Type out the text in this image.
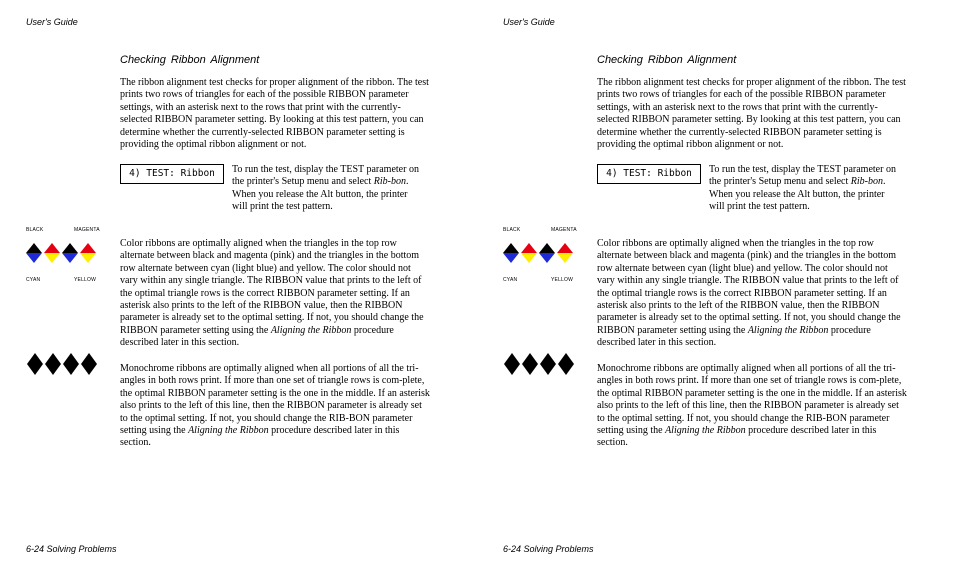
User's Guide
Checking Ribbon Alignment

The ribbon alignment test checks for proper alignment of the ribbon. The test prints two rows of triangles for each of the possible RIBBON parameter settings, with an asterisk next to the rows that print with the currently-selected RIBBON parameter setting. By looking at this test pattern, you can determine whether the currently-selected RIBBON parameter setting is providing the optimal ribbon alignment or not.

4) TEST: Ribbon	To run the test, display the TEST parameter on the printer's Setup menu and select Rib-bon.
When you release the Alt button, the printer will print the test pattern.

BLACK	MAGENTA
CYAN	YELLOW

Color ribbons are optimally aligned when the triangles in the top row alternate between black and magenta (pink) and the triangles in the bottom row alternate between cyan (light blue) and yellow. The color should not vary within any single triangle. The RIBBON value that prints to the left of the optimal triangle rows is the correct RIBBON parameter setting. If an asterisk also prints to the left of the RIBBON value, then the RIBBON parameter is already set to the optimal setting. If not, you should change the RIBBON parameter setting using the Aligning the Ribbon procedure described later in this section.

Monochrome ribbons are optimally aligned when all portions of all the tri-angles in both rows print. If more than one set of triangle rows is com-plete, the optimal RIBBON parameter setting is the one in the middle. If an asterisk also prints to the left of this line, then the RIBBON parameter is already set to the optimal setting. If not, you should change the RIB-BON parameter setting using the Aligning the Ribbon procedure described later in this section.

6-24 Solving Problems
User's Guide
Checking Ribbon Alignment

The ribbon alignment test checks for proper alignment of the ribbon. The test prints two rows of triangles for each of the possible RIBBON parameter settings, with an asterisk next to the rows that print with the currently-selected RIBBON parameter setting. By looking at this test pattern, you can determine whether the currently-selected RIBBON parameter setting is providing the optimal ribbon alignment or not.

4) TEST: Ribbon	To run the test, display the TEST parameter on the printer's Setup menu and select Rib-bon.
When you release the Alt button, the printer will print the test pattern.

BLACK	MAGENTA
CYAN	YELLOW

Color ribbons are optimally aligned when the triangles in the top row alternate between black and magenta (pink) and the triangles in the bottom row alternate between cyan (light blue) and yellow. The color should not vary within any single triangle. The RIBBON value that prints to the left of the optimal triangle rows is the correct RIBBON parameter setting. If an asterisk also prints to the left of the RIBBON value, then the RIBBON parameter is already set to the optimal setting. If not, you should change the RIBBON parameter setting using the Aligning the Ribbon procedure described later in this section.

Monochrome ribbons are optimally aligned when all portions of all the tri-angles in both rows print. If more than one set of triangle rows is com-plete, the optimal RIBBON parameter setting is the one in the middle. If an asterisk also prints to the left of this line, then the RIBBON parameter is already set to the optimal setting. If not, you should change the RIB-BON parameter setting using the Aligning the Ribbon procedure described later in this section.

6-24 Solving Problems
